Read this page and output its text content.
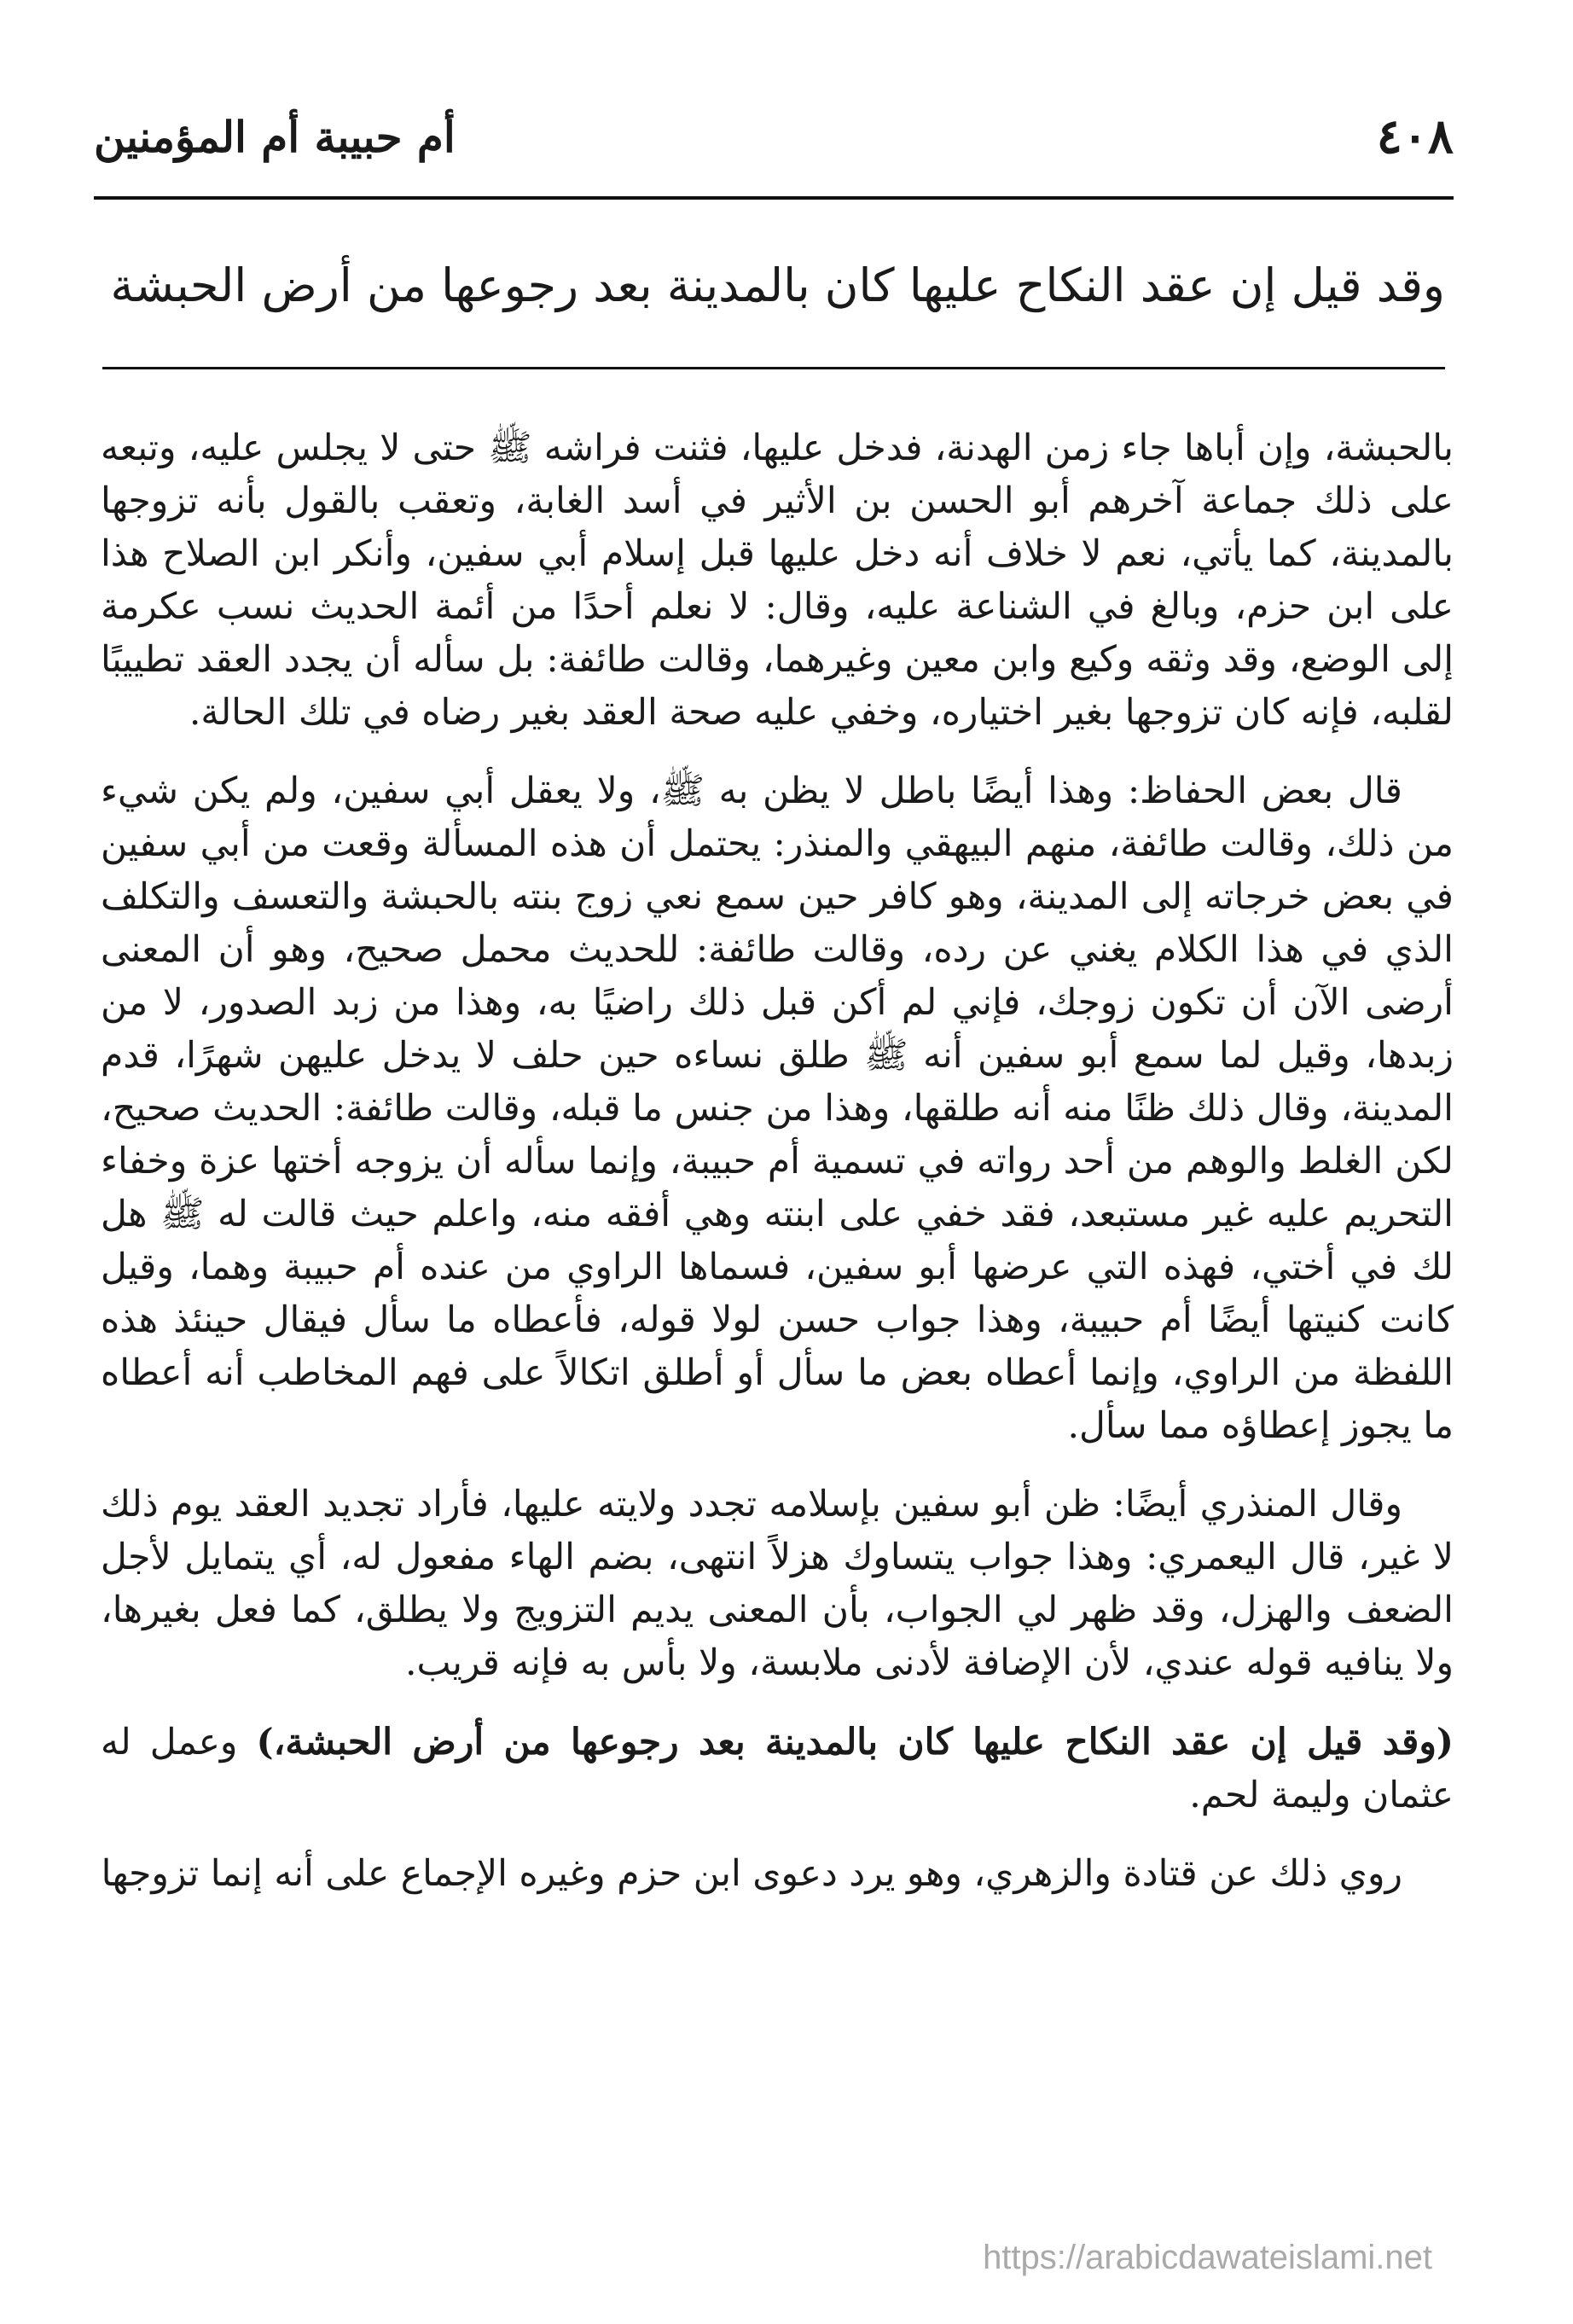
٤٠٨
أم حبيبة أم المؤمنين
وقد قيل إن عقد النكاح عليها كان بالمدينة بعد رجوعها من أرض الحبشة

بالحبشة، وإن أباها جاء زمن الهدنة، فدخل عليها، فثنت فراشه ﷺ حتى لا يجلس عليه، وتبعه على ذلك جماعة آخرهم أبو الحسن بن الأثير في أسد الغابة، وتعقب بالقول بأنه تزوجها بالمدينة، كما يأتي، نعم لا خلاف أنه دخل عليها قبل إسلام أبي سفين، وأنكر ابن الصلاح هذا على ابن حزم، وبالغ في الشناعة عليه، وقال: لا نعلم أحدًا من أئمة الحديث نسب عكرمة إلى الوضع، وقد وثقه وكيع وابن معين وغيرهما، وقالت طائفة: بل سأله أن يجدد العقد تطييبًا لقلبه، فإنه كان تزوجها بغير اختياره، وخفي عليه صحة العقد بغير رضاه في تلك الحالة.

قال بعض الحفاظ: وهذا أيضًا باطل لا يظن به ﷺ، ولا يعقل أبي سفين، ولم يكن شيء من ذلك، وقالت طائفة، منهم البيهقي والمنذر: يحتمل أن هذه المسألة وقعت من أبي سفين في بعض خرجاته إلى المدينة، وهو كافر حين سمع نعي زوج بنته بالحبشة والتعسف والتكلف الذي في هذا الكلام يغني عن رده، وقالت طائفة: للحديث محمل صحيح، وهو أن المعنى أرضى الآن أن تكون زوجك، فإني لم أكن قبل ذلك راضيًا به، وهذا من زبد الصدور، لا من زبدها، وقيل لما سمع أبو سفين أنه ﷺ طلق نساءه حين حلف لا يدخل عليهن شهرًا، قدم المدينة، وقال ذلك ظنًا منه أنه طلقها، وهذا من جنس ما قبله، وقالت طائفة: الحديث صحيح، لكن الغلط والوهم من أحد رواته في تسمية أم حبيبة، وإنما سأله أن يزوجه أختها عزة وخفاء التحريم عليه غير مستبعد، فقد خفي على ابنته وهي أفقه منه، واعلم حيث قالت له ﷺ هل لك في أختي، فهذه التي عرضها أبو سفين، فسماها الراوي من عنده أم حبيبة وهما، وقيل كانت كنيتها أيضًا أم حبيبة، وهذا جواب حسن لولا قوله، فأعطاه ما سأل فيقال حينئذ هذه اللفظة من الراوي، وإنما أعطاه بعض ما سأل أو أطلق اتكالاً على فهم المخاطب أنه أعطاه ما يجوز إعطاؤه مما سأل.

وقال المنذري أيضًا: ظن أبو سفين بإسلامه تجدد ولايته عليها، فأراد تجديد العقد يوم ذلك لا غير، قال اليعمري: وهذا جواب يتساوك هزلاً انتهى، بضم الهاء مفعول له، أي يتمايل لأجل الضعف والهزل، وقد ظهر لي الجواب، بأن المعنى يديم التزويج ولا يطلق، كما فعل بغيرها، ولا ينافيه قوله عندي، لأن الإضافة لأدنى ملابسة، ولا بأس به فإنه قريب.

(وقد قيل إن عقد النكاح عليها كان بالمدينة بعد رجوعها من أرض الحبشة،) وعمل له عثمان وليمة لحم.

روي ذلك عن قتادة والزهري، وهو يرد دعوى ابن حزم وغيره الإجماع على أنه إنما تزوجها

https://arabicdawateislami.net
